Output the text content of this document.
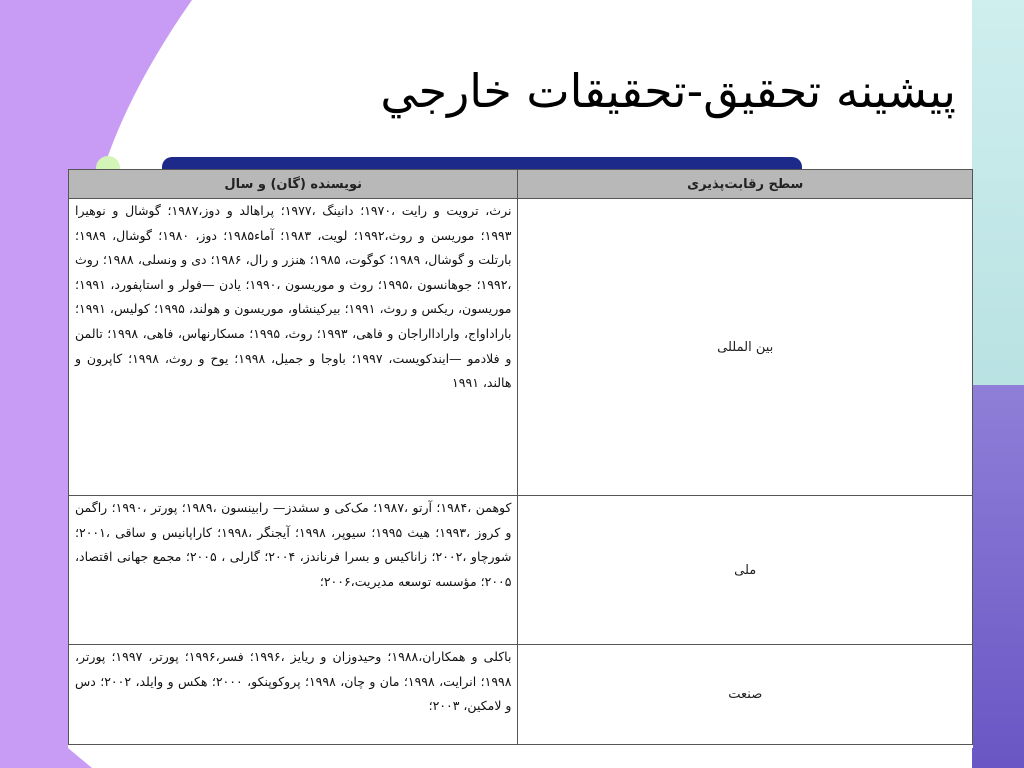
پیشینه تحقیق-تحقیقات خارجي
سطح رقابت‌پذیری	نویسنده (گان) و سال
بین المللی	نرث، ترویت و رایت ،۱۹۷۰؛ دانینگ ،۱۹۷۷؛ پراهالد و دوز،۱۹۸۷؛ گوشال و نوهیرا ۱۹۹۳؛ موریسن و روث،۱۹۹۲؛ لویت، ۱۹۸۳؛ آماء۱۹۸۵؛ دوز، ۱۹۸۰؛ گوشال، ۱۹۸۹؛ بارتلت و گوشال، ۱۹۸۹؛ کوگوت، ۱۹۸۵؛ هنزر و رال، ۱۹۸۶؛ دی و ونسلی، ۱۹۸۸؛ روث ،۱۹۹۲؛ جوهانسون ،۱۹۹۵؛ روث و موریسون ،۱۹۹۰؛ یادن —فولر و استاپفورد، ۱۹۹۱؛ موریسون، ریکس و روث، ۱۹۹۱؛ بیرکینشاو، موریسون و هولند، ۱۹۹۵؛ کولیس، ۱۹۹۱؛ باراداواج، وارادااراجان و فاهی، ۱۹۹۳؛ روث، ۱۹۹۵؛ مسکارنهاس، فاهی، ۱۹۹۸؛ تالمن و فلادمو —ایندکویست، ۱۹۹۷؛ باوجا و جمیل، ۱۹۹۸؛ یوح و روث، ۱۹۹۸؛ کاپرون و هالند، ۱۹۹۱
ملی	کوهمن ،۱۹۸۴؛ آرتو ،۱۹۸۷؛ مک‌کی و سشدز— رابینسون ،۱۹۸۹؛ پورتر ،۱۹۹۰؛ راگمن و کروز ،۱۹۹۳؛ هیث ۱۹۹۵؛ سیوپر، ۱۹۹۸؛ آیجنگر ،۱۹۹۸؛ کاراپانیس و ساقی ،۲۰۰۱؛ شورچاو ،۲۰۰۲؛ زاناکیس و بسرا فرناندز، ۲۰۰۴؛ گارلی ، ۲۰۰۵؛ مجمع جهانی اقتصاد، ۲۰۰۵؛ مؤسسه توسعه مدیریت،۲۰۰۶؛
صنعت	باکلی و همکاران،۱۹۸۸؛ وحیدوزان و ریایز ،۱۹۹۶؛ فسر،۱۹۹۶؛ پورتر، ۱۹۹۷؛ پورتر، ۱۹۹۸؛ انرایت، ۱۹۹۸؛ مان و چان، ۱۹۹۸؛ پروکوپنکو، ۲۰۰۰؛ هکس و وایلد، ۲۰۰۲؛ دس و لامکین، ۲۰۰۳؛
